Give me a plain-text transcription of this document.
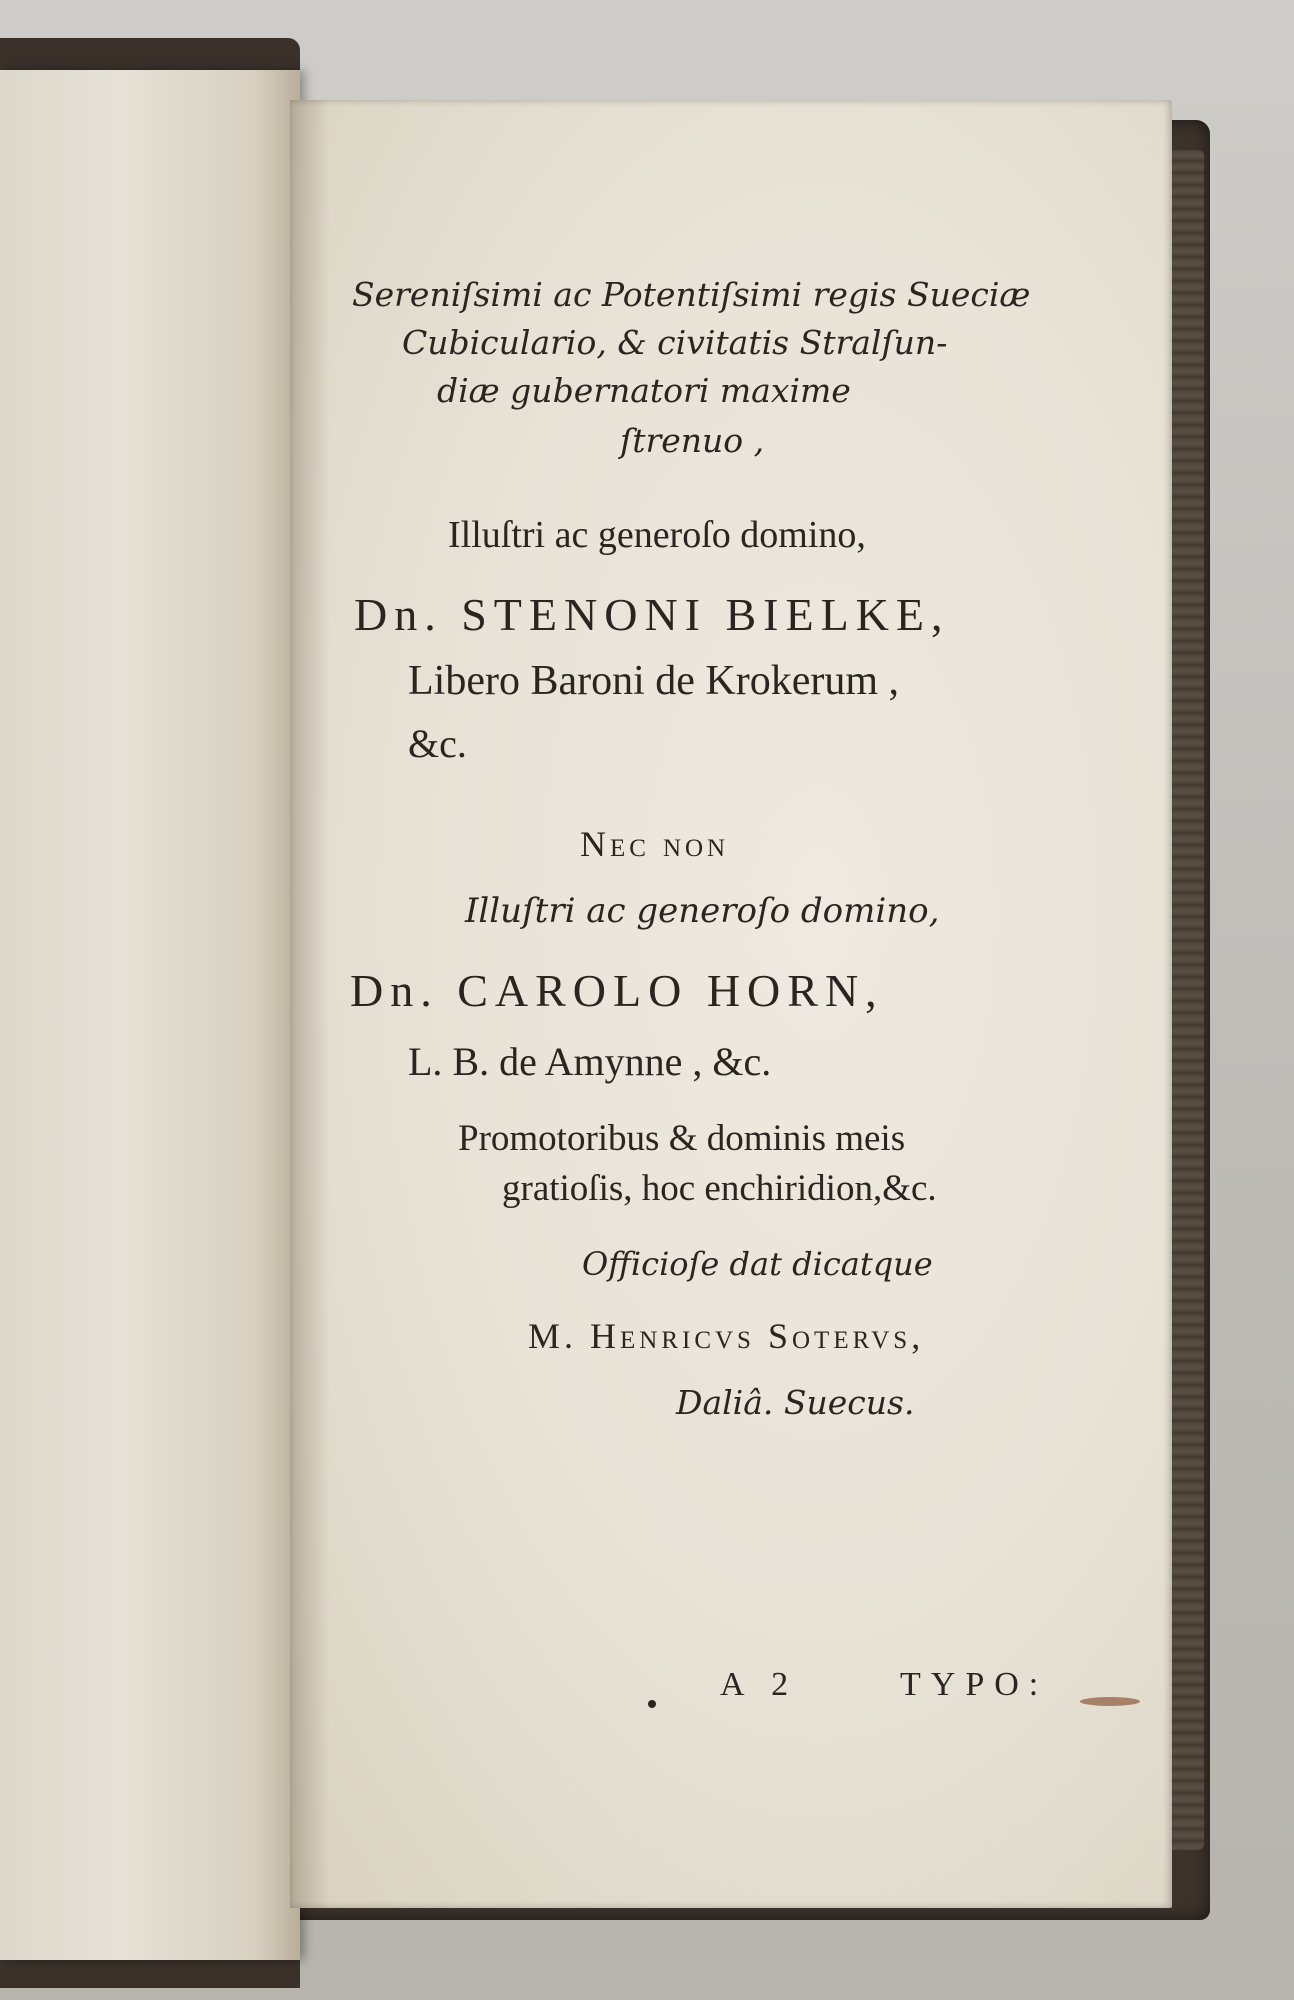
Sereniſsimi ac Potentiſsimi regis Sueciæ
Cubiculario, & civitatis Stralſun-
diæ gubernatori maxime
ſtrenuo ,
Illuſtri ac generoſo domino,
Dn. STENONI BIELKE,
Libero Baroni de Krokerum ,
&c.
Nec non
Illuſtri ac generoſo domino,
Dn. CAROLO HORN,
L. B. de Amynne , &c.
Promotoribus & dominis meis
gratioſis, hoc enchiridion,&c.
Officioſe dat dicatque
M. Henricvs Sotervs,
Daliâ. Suecus.
A 2	TYPO:
